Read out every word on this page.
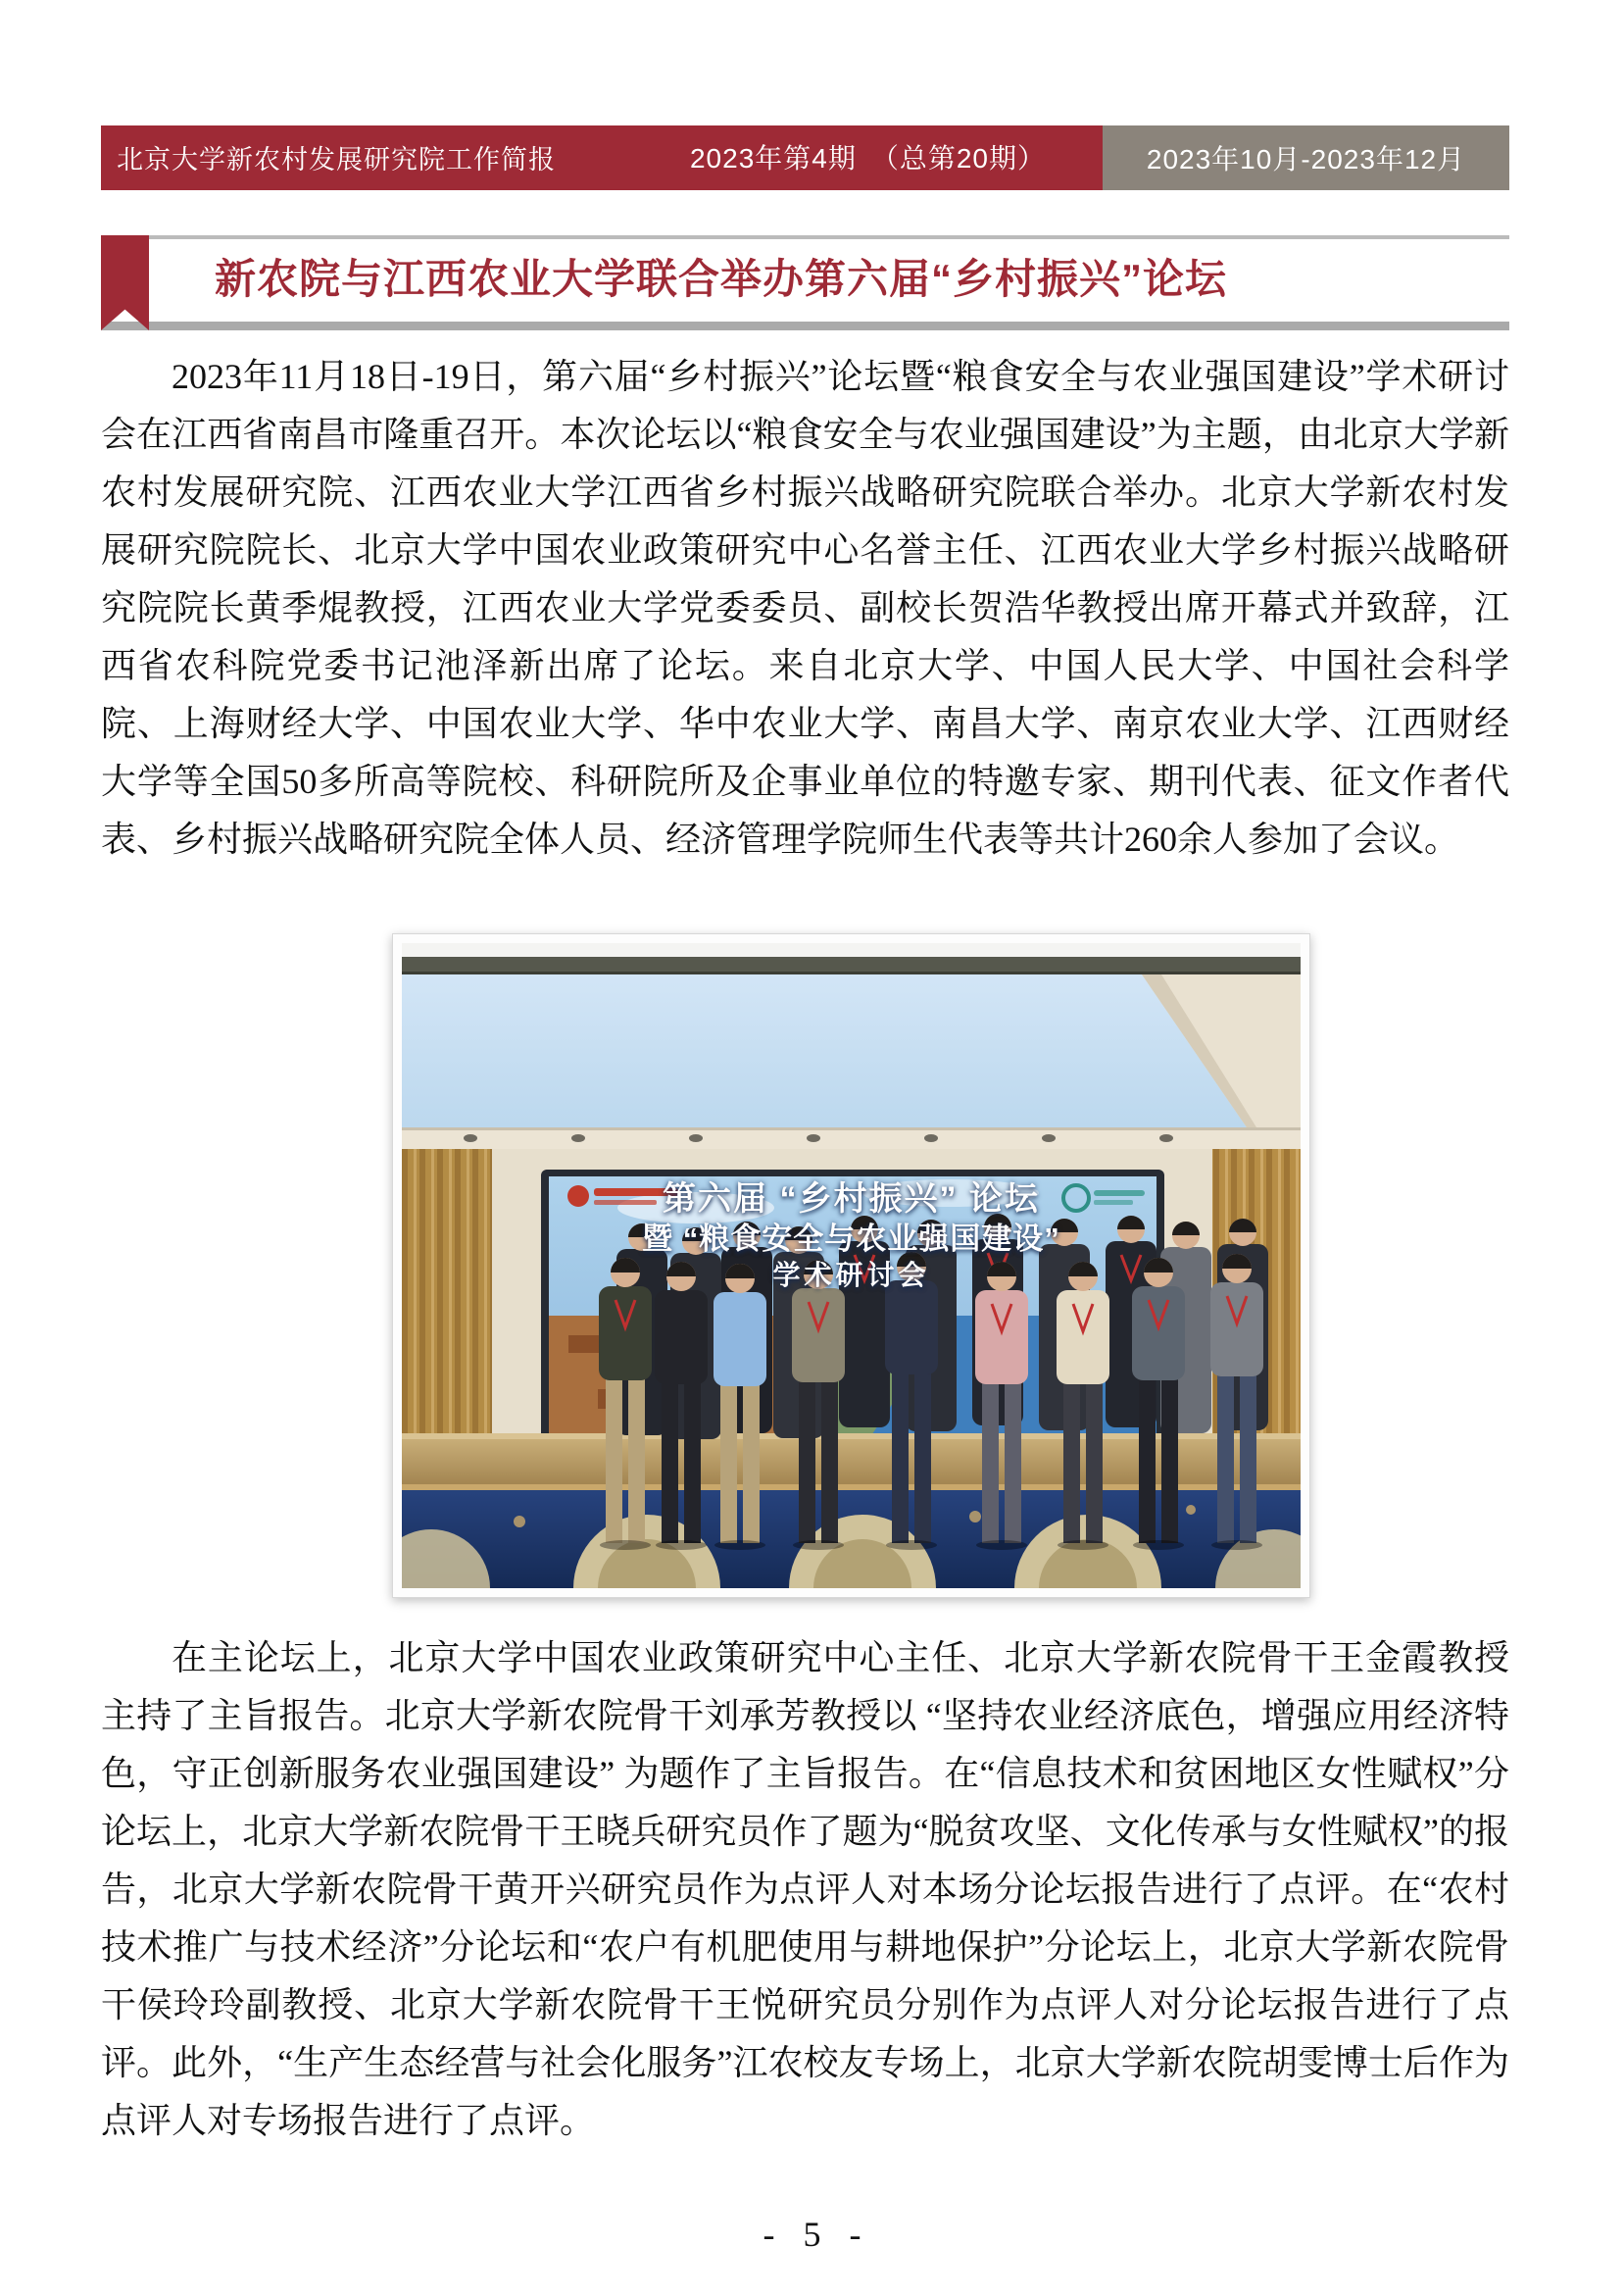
北京大学新农村发展研究院工作简报	2023年第4期　（总第20期）	2023年10月-2023年12月
新农院与江西农业大学联合举办第六届“乡村振兴”论坛
2023年11月18日-19日，第六届“乡村振兴”论坛暨“粮食安全与农业强国建设”学术研讨会在江西省南昌市隆重召开。本次论坛以“粮食安全与农业强国建设”为主题，由北京大学新农村发展研究院、江西农业大学江西省乡村振兴战略研究院联合举办。北京大学新农村发展研究院院长、北京大学中国农业政策研究中心名誉主任、江西农业大学乡村振兴战略研究院院长黄季焜教授，江西农业大学党委委员、副校长贺浩华教授出席开幕式并致辞，江西省农科院党委书记池泽新出席了论坛。来自北京大学、中国人民大学、中国社会科学院、上海财经大学、中国农业大学、华中农业大学、南昌大学、南京农业大学、江西财经大学等全国50多所高等院校、科研院所及企事业单位的特邀专家、期刊代表、征文作者代表、乡村振兴战略研究院全体人员、经济管理学院师生代表等共计260余人参加了会议。
第六届 “乡村振兴” 论坛
暨 “粮食安全与农业强国建设”
学术研讨会
在主论坛上，北京大学中国农业政策研究中心主任、北京大学新农院骨干王金霞教授主持了主旨报告。北京大学新农院骨干刘承芳教授以 “坚持农业经济底色，增强应用经济特色，守正创新服务农业强国建设” 为题作了主旨报告。在“信息技术和贫困地区女性赋权”分论坛上，北京大学新农院骨干王晓兵研究员作了题为“脱贫攻坚、文化传承与女性赋权”的报告，北京大学新农院骨干黄开兴研究员作为点评人对本场分论坛报告进行了点评。在“农村技术推广与技术经济”分论坛和“农户有机肥使用与耕地保护”分论坛上，北京大学新农院骨干侯玲玲副教授、北京大学新农院骨干王悦研究员分别作为点评人对分论坛报告进行了点评。此外，“生产生态经营与社会化服务”江农校友专场上，北京大学新农院胡雯博士后作为点评人对专场报告进行了点评。
- 5 -
